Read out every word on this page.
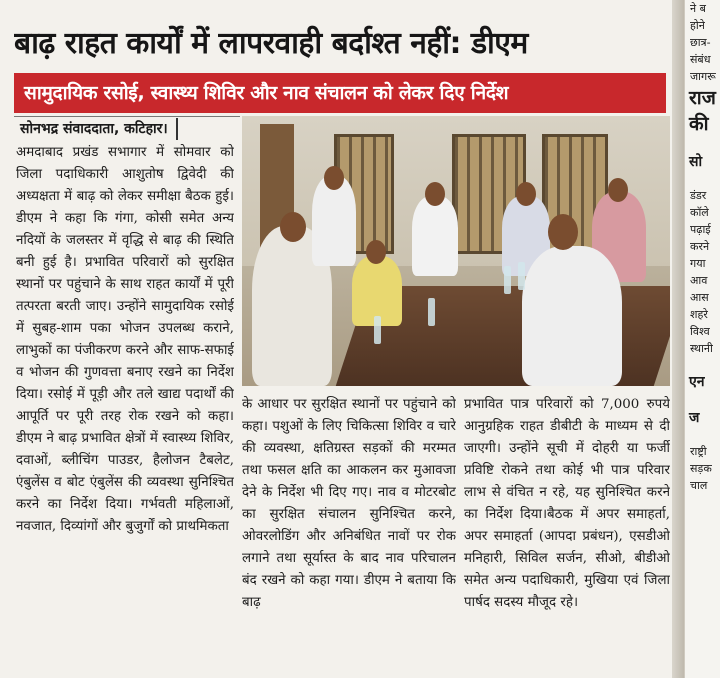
बाढ़ राहत कार्यों में लापरवाही बर्दाश्त नहीं: डीएम
सामुदायिक रसोई, स्वास्थ्य शिविर और नाव संचालन को लेकर दिए निर्देश
सोनभद्र संवाददाता, कटिहार।
अमदाबाद प्रखंड सभागार में सोमवार को जिला पदाधिकारी आशुतोष द्विवेदी की अध्यक्षता में बाढ़ को लेकर समीक्षा बैठक हुई। डीएम ने कहा कि गंगा, कोसी समेत अन्य नदियों के जलस्तर में वृद्धि से बाढ़ की स्थिति बनी हुई है। प्रभावित परिवारों को सुरक्षित स्थानों पर पहुंचाने के साथ राहत कार्यों में पूरी तत्परता बरती जाए। उन्होंने सामुदायिक रसोई में सुबह-शाम पका भोजन उपलब्ध कराने, लाभुकों का पंजीकरण करने और साफ-सफाई व भोजन की गुणवत्ता बनाए रखने का निर्देश दिया। रसोई में पूड़ी और तले खाद्य पदार्थों की आपूर्ति पर पूरी तरह रोक रखने को कहा। डीएम ने बाढ़ प्रभावित क्षेत्रों में स्वास्थ्य शिविर, दवाओं, ब्लीचिंग पाउडर, हैलोजन टैबलेट, एंबुलेंस व बोट एंबुलेंस की व्यवस्था सुनिश्चित करने का निर्देश दिया। गर्भवती महिलाओं, नवजात, दिव्यांगों और बुजुर्गों को प्राथमिकता
के आधार पर सुरक्षित स्थानों पर पहुंचाने को कहा। पशुओं के लिए चिकित्सा शिविर व चारे की व्यवस्था, क्षतिग्रस्त सड़कों की मरम्मत तथा फसल क्षति का आकलन कर मुआवजा देने के निर्देश भी दिए गए। नाव व मोटरबोट का सुरक्षित संचालन सुनिश्चित करने, ओवरलोडिंग और अनिबंधित नावों पर रोक लगाने तथा सूर्यास्त के बाद नाव परिचालन बंद रखने को कहा गया। डीएम ने बताया कि बाढ़
प्रभावित पात्र परिवारों को 7,000 रुपये आनुग्रहिक राहत डीबीटी के माध्यम से दी जाएगी। उन्होंने सूची में दोहरी या फर्जी प्रविष्टि रोकने तथा कोई भी पात्र परिवार लाभ से वंचित न रहे, यह सुनिश्चित करने का निर्देश दिया।बैठक में अपर समाहर्ता, अपर समाहर्ता (आपदा प्रबंधन), एसडीओ मनिहारी, सिविल सर्जन, सीओ, बीडीओ समेत अन्य पदाधिकारी, मुखिया एवं जिला पार्षद सदस्य मौजूद रहे।
ने ब
होने
छात्र-
संबंध
जागरू
राज
की
सो
डंडर
कॉले
पढ़ाई
करने
गया
आव
आस
शहरे
विश्व
स्थानी
एन
ज
राष्ट्री
सड़क
चाल
